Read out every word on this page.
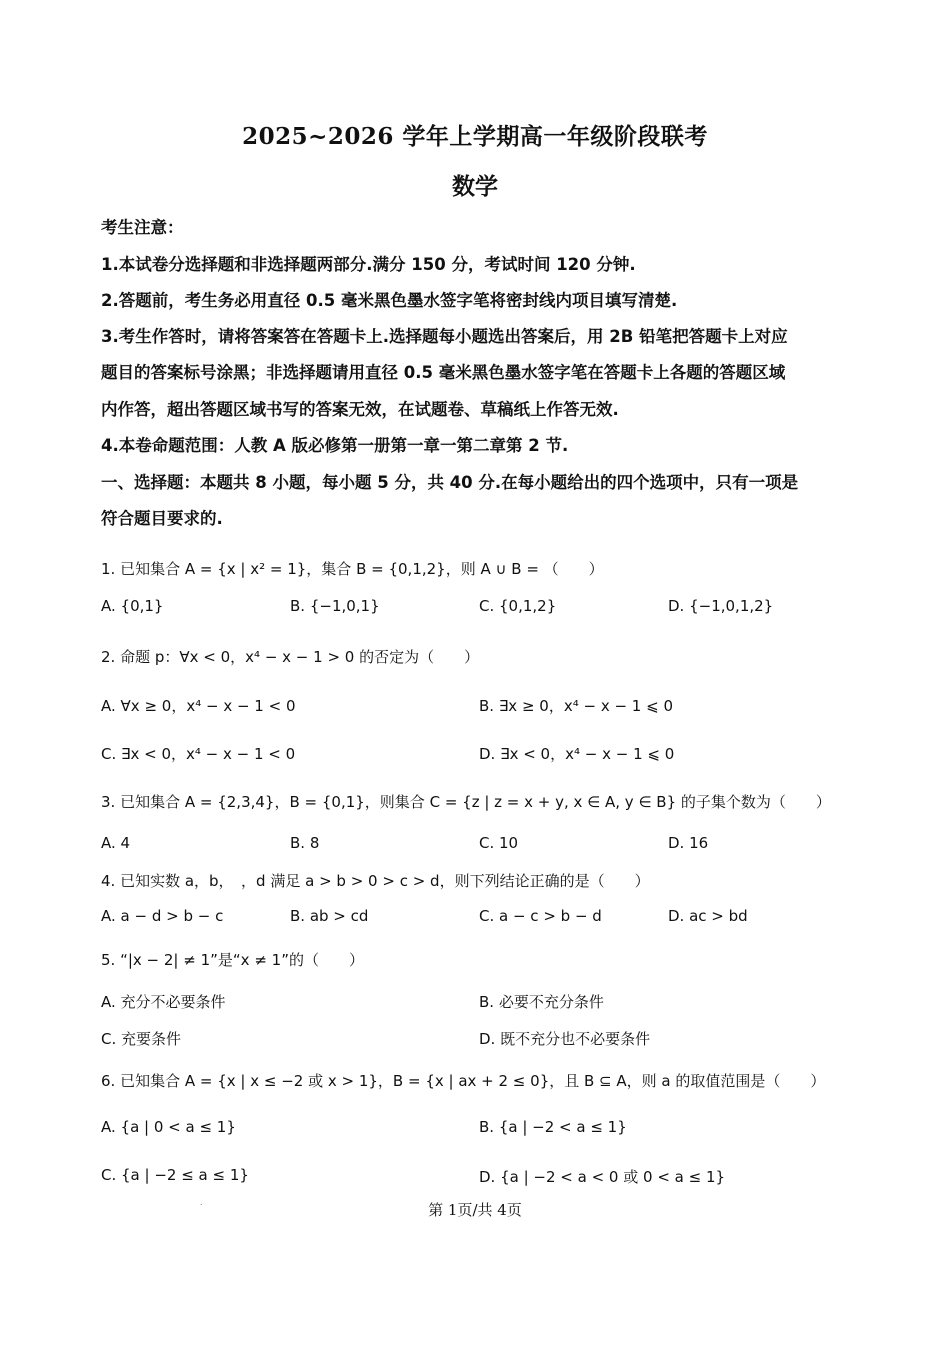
2025~2026 学年上学期高一年级阶段联考
数学
考生注意：
1.本试卷分选择题和非选择题两部分.满分 150 分，考试时间 120 分钟.
2.答题前，考生务必用直径 0.5 毫米黑色墨水签字笔将密封线内项目填写清楚.
3.考生作答时，请将答案答在答题卡上.选择题每小题选出答案后，用 2B 铅笔把答题卡上对应
题目的答案标号涂黑；非选择题请用直径 0.5 毫米黑色墨水签字笔在答题卡上各题的答题区域
内作答，超出答题区域书写的答案无效，在试题卷、草稿纸上作答无效.
4.本卷命题范围：人教 A 版必修第一册第一章一第二章第 2 节.
一、选择题：本题共 8 小题，每小题 5 分，共 40 分.在每小题给出的四个选项中，只有一项是
符合题目要求的.
1. 已知集合 A = {x | x² = 1}，集合 B = {0,1,2}，则 A ∪ B = （　　）
A. {0,1}	B. {−1,0,1}	C. {0,1,2}	D. {−1,0,1,2}
2. 命题 p：∀x < 0，x⁴ − x − 1 > 0 的否定为（　　）
A. ∀x ≥ 0，x⁴ − x − 1 < 0	B. ∃x ≥ 0，x⁴ − x − 1 ⩽ 0
C. ∃x < 0，x⁴ − x − 1 < 0	D. ∃x < 0，x⁴ − x − 1 ⩽ 0
3. 已知集合 A = {2,3,4}，B = {0,1}，则集合 C = {z | z = x + y, x ∈ A, y ∈ B} 的子集个数为（　　）
A. 4	B. 8	C. 10	D. 16
4. 已知实数 a，b，　，d 满足 a > b > 0 > c > d，则下列结论正确的是（　　）
A. a − d > b − c	B. ab > cd	C. a − c > b − d	D. ac > bd
5. “|x − 2| ≠ 1”是“x ≠ 1”的（　　）
A. 充分不必要条件	B. 必要不充分条件
C. 充要条件	D. 既不充分也不必要条件
6. 已知集合 A = {x | x ≤ −2 或 x > 1}，B = {x | ax + 2 ≤ 0}，且 B ⊆ A，则 a 的取值范围是（　　）
A. {a | 0 < a ≤ 1}	B. {a | −2 < a ≤ 1}
C. {a | −2 ≤ a ≤ 1}	D. {a | −2 < a < 0 或 0 < a ≤ 1}
.	第 1页/共 4页
